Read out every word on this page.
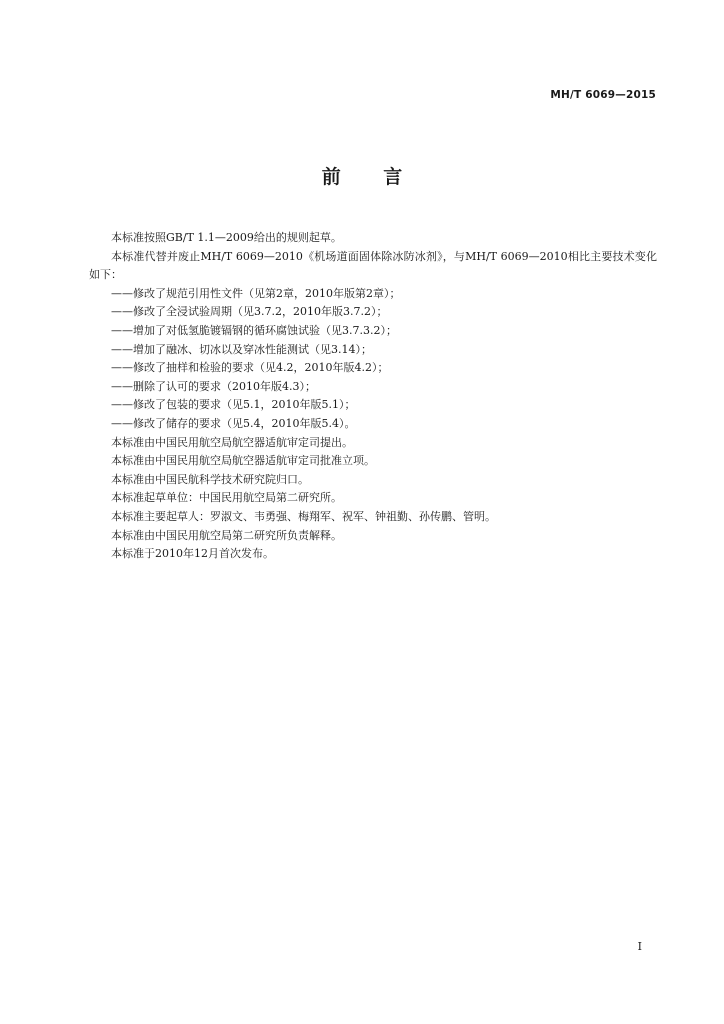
MH/T 6069—2015
前 言

本标准按照GB/T 1.1—2009给出的规则起草。

本标准代替并废止MH/T 6069—2010《机场道面固体除冰防冰剂》，与MH/T 6069—2010相比主要技术变化如下：

——修改了规范引用性文件（见第2章，2010年版第2章）；

——修改了全浸试验周期（见3.7.2，2010年版3.7.2）；

——增加了对低氢脆镀镉钢的循环腐蚀试验（见3.7.3.2）；

——增加了融冰、切冰以及穿冰性能测试（见3.14）；

——修改了抽样和检验的要求（见4.2，2010年版4.2）；

——删除了认可的要求（2010年版4.3）；

——修改了包装的要求（见5.1，2010年版5.1）；

——修改了储存的要求（见5.4，2010年版5.4）。

本标准由中国民用航空局航空器适航审定司提出。

本标准由中国民用航空局航空器适航审定司批准立项。

本标准由中国民航科学技术研究院归口。

本标准起草单位：中国民用航空局第二研究所。

本标准主要起草人：罗淑文、韦勇强、梅翔军、祝军、钟祖勤、孙传鹏、管明。

本标准由中国民用航空局第二研究所负责解释。

本标准于2010年12月首次发布。

I
